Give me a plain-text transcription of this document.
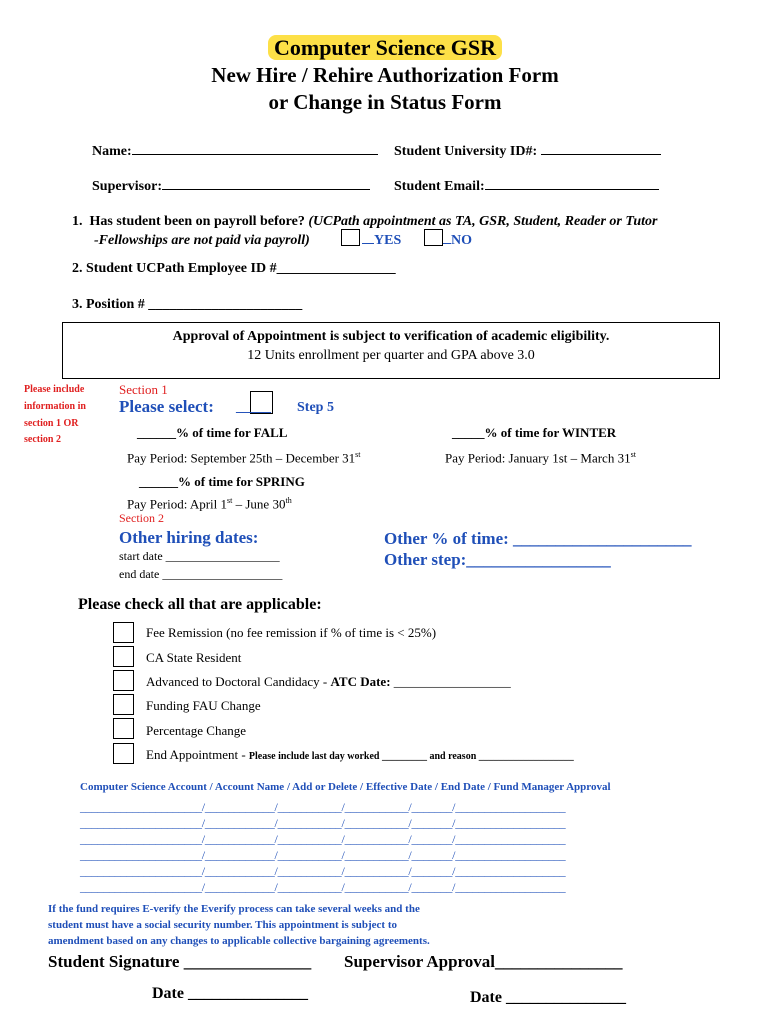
Computer Science GSR
New Hire / Rehire Authorization Form
or Change in Status Form
Name:	Student University ID#:
Supervisor:	Student Email:
1. Has student been on payroll before? (UCPath appointment as TA, GSR, Student, Reader or Tutor
-Fellowships are not paid via payroll)	YES	NO
2. Student UCPath Employee ID #_________________
3. Position # ______________________
Approval of Appointment is subject to verification of academic eligibility.
12 Units enrollment per quarter and GPA above 3.0
Please include
information in
section 1 OR
section 2
Section 1
Please select: _____ Step 5
______% of time for FALL	_____% of time for WINTER
Pay Period: September 25th – December 31st	Pay Period: January 1st – March 31st
______% of time for SPRING
Pay Period: April 1st – June 30th
Section 2
Other hiring dates:
start date ___________________
end date ____________________
Other % of time: _____________________
Other step:_________________
Please check all that are applicable:
Fee Remission (no fee remission if % of time is < 25%)
CA State Resident
Advanced to Doctoral Candidacy - ATC Date: __________________
Funding FAU Change
Percentage Change
End Appointment - Please include last day worked _________ and reason ___________________
Computer Science Account / Account Name / Add or Delete / Effective Date / End Date / Fund Manager Approval
_____________________/____________/___________/___________/_______/___________________
_____________________/____________/___________/___________/_______/___________________
_____________________/____________/___________/___________/_______/___________________
_____________________/____________/___________/___________/_______/___________________
_____________________/____________/___________/___________/_______/___________________
_____________________/____________/___________/___________/_______/___________________
If the fund requires E-verify the Everify process can take several weeks and the
student must have a social security number. This appointment is subject to
amendment based on any changes to applicable collective bargaining agreements.
Student Signature _______________ Supervisor Approval_______________
Date _______________	Date _______________
